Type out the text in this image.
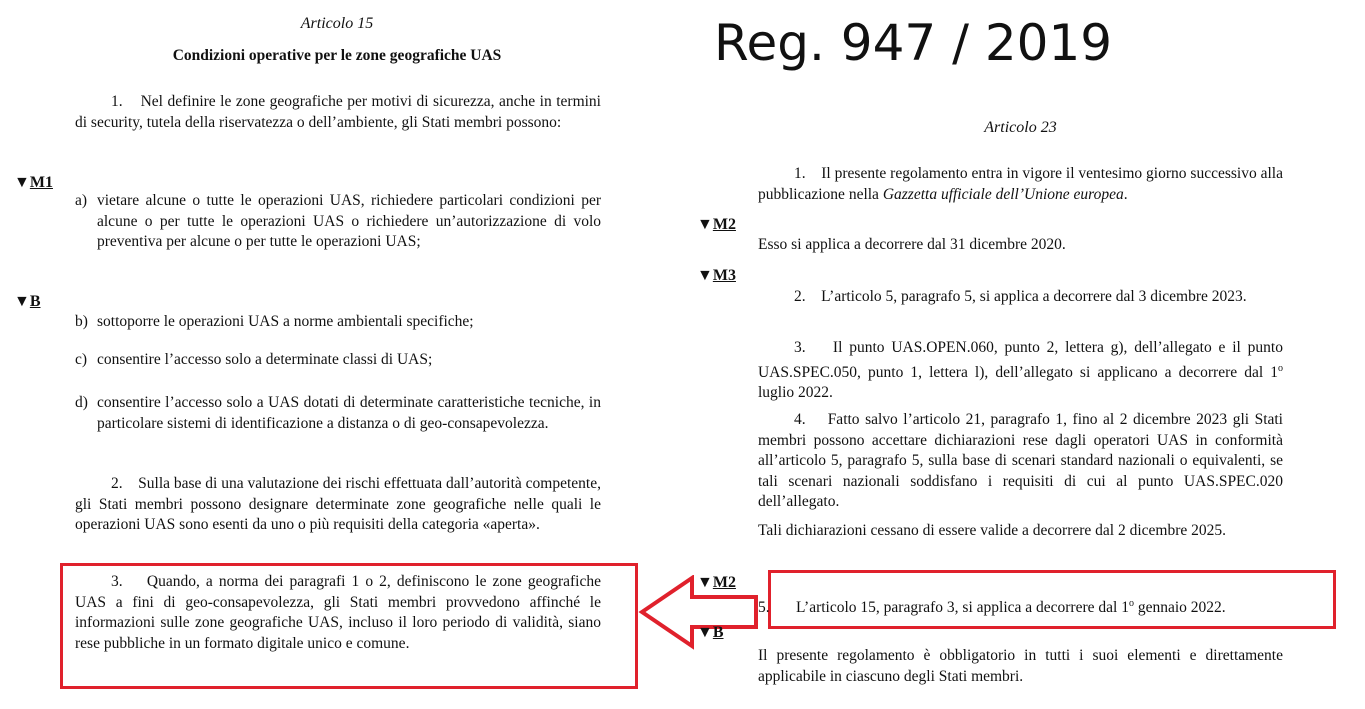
Articolo 15
Condizioni operative per le zone geografiche UAS
1.    Nel definire le zone geografiche per motivi di sicurezza, anche in termini di security, tutela della riservatezza o dell’ambiente, gli Stati membri possono:
▼M1
a) vietare alcune o tutte le operazioni UAS, richiedere particolari condizioni per alcune o per tutte le operazioni UAS o richiedere un’autorizzazione di volo preventiva per alcune o per tutte le operazioni UAS;
▼B
b) sottoporre le operazioni UAS a norme ambientali specifiche;
c) consentire l’accesso solo a determinate classi di UAS;
d) consentire l’accesso solo a UAS dotati di determinate caratteristiche tecniche, in particolare sistemi di identificazione a distanza o di geo-consapevolezza.
2.    Sulla base di una valutazione dei rischi effettuata dall’autorità competente, gli Stati membri possono designare determinate zone geografiche nelle quali le operazioni UAS sono esenti da uno o più requisiti della categoria «aperta».
3.    Quando, a norma dei paragrafi 1 o 2, definiscono le zone geografiche UAS a fini di geo-consapevolezza, gli Stati membri provvedono affinché le informazioni sulle zone geografiche UAS, incluso il loro periodo di validità, siano rese pubbliche in un formato digitale unico e comune.
Reg. 947 / 2019
Articolo 23
1.    Il presente regolamento entra in vigore il ventesimo giorno successivo alla pubblicazione nella Gazzetta ufficiale dell’Unione europea.
▼M2
Esso si applica a decorrere dal 31 dicembre 2020.
▼M3
2.    L’articolo 5, paragrafo 5, si applica a decorrere dal 3 dicembre 2023.
3.    Il punto UAS.OPEN.060, punto 2, lettera g), dell’allegato e il punto UAS.SPEC.050, punto 1, lettera l), dell’allegato si applicano a decorrere dal 1$^o$ luglio 2022.
4.    Fatto salvo l’articolo 21, paragrafo 1, fino al 2 dicembre 2023 gli Stati membri possono accettare dichiarazioni rese dagli operatori UAS in conformità all’articolo 5, paragrafo 5, sulla base di scenari standard nazionali o equivalenti, se tali scenari nazionali soddisfano i requisiti di cui al punto UAS.SPEC.020 dell’allegato.
Tali dichiarazioni cessano di essere valide a decorrere dal 2 dicembre 2025.
▼M2
5. L’articolo 15, paragrafo 3, si applica a decorrere dal 1$^o$ gennaio 2022.
▼B
Il presente regolamento è obbligatorio in tutti i suoi elementi e direttamente applicabile in ciascuno degli Stati membri.
